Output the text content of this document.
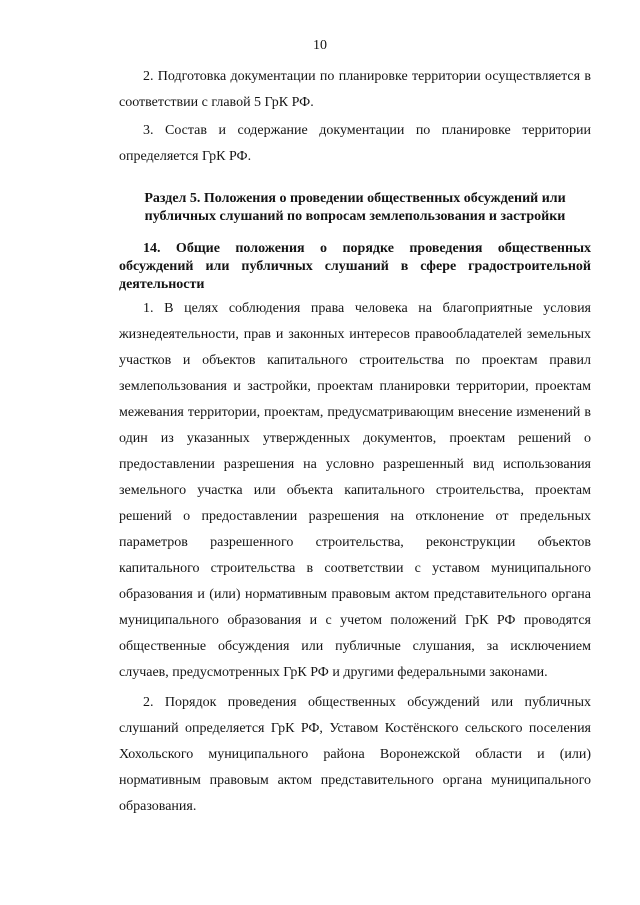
10
2. Подготовка документации по планировке территории осуществляется в соответствии с главой 5 ГрК РФ.
3. Состав и содержание документации по планировке территории определяется ГрК РФ.
Раздел 5. Положения о проведении общественных обсуждений или публичных слушаний по вопросам землепользования и застройки
14. Общие положения о порядке проведения общественных обсуждений или публичных слушаний в сфере градостроительной деятельности
1. В целях соблюдения права человека на благоприятные условия жизнедеятельности, прав и законных интересов правообладателей земельных участков и объектов капитального строительства по проектам правил землепользования и застройки, проектам планировки территории, проектам межевания территории, проектам, предусматривающим внесение изменений в один из указанных утвержденных документов, проектам решений о предоставлении разрешения на условно разрешенный вид использования земельного участка или объекта капитального строительства, проектам решений о предоставлении разрешения на отклонение от предельных параметров разрешенного строительства, реконструкции объектов капитального строительства в соответствии с уставом муниципального образования и (или) нормативным правовым актом представительного органа муниципального образования и с учетом положений ГрК РФ проводятся общественные обсуждения или публичные слушания, за исключением случаев, предусмотренных ГрК РФ и другими федеральными законами.
2. Порядок проведения общественных обсуждений или публичных слушаний определяется ГрК РФ, Уставом Костёнского сельского поселения Хохольского муниципального района Воронежской области и (или) нормативным правовым актом представительного органа муниципального образования.
